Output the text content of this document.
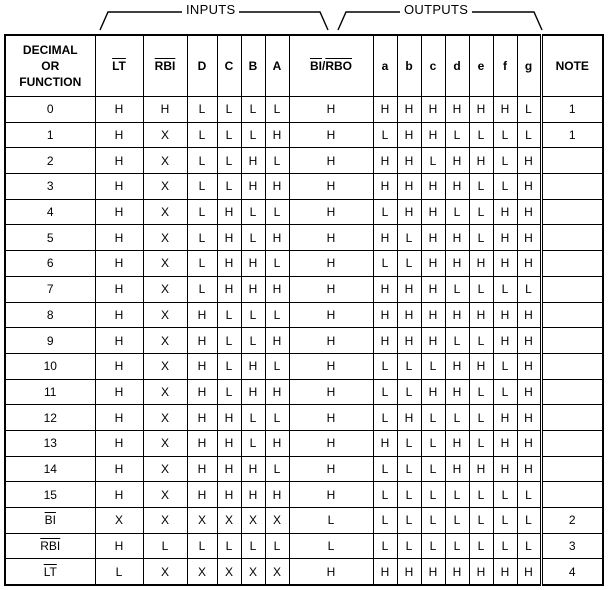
INPUTS	OUTPUTS
DECIMAL
OR
FUNCTION	$\overline{LT}$	$\overline{RBI}$	D	C	B	A	$\overline{BI}/\overline{RBO}$	a	b	c	d	e	f	g	NOTE
0	H	H	L	L	L	L	H	H	H	H	H	H	H	L	1
1	H	X	L	L	L	H	H	L	H	H	L	L	L	L	1
2	H	X	L	L	H	L	H	H	H	L	H	H	L	H	
3	H	X	L	L	H	H	H	H	H	H	H	L	L	H	
4	H	X	L	H	L	L	H	L	H	H	L	L	H	H	
5	H	X	L	H	L	H	H	H	L	H	H	L	H	H	
6	H	X	L	H	H	L	H	L	L	H	H	H	H	H	
7	H	X	L	H	H	H	H	H	H	H	L	L	L	L	
8	H	X	H	L	L	L	H	H	H	H	H	H	H	H	
9	H	X	H	L	L	H	H	H	H	H	L	L	H	H	
10	H	X	H	L	H	L	H	L	L	L	H	H	L	H	
11	H	X	H	L	H	H	H	L	L	H	H	L	L	H	
12	H	X	H	H	L	L	H	L	H	L	L	L	H	H	
13	H	X	H	H	L	H	H	H	L	L	H	L	H	H	
14	H	X	H	H	H	L	H	L	L	L	H	H	H	H	
15	H	X	H	H	H	H	H	L	L	L	L	L	L	L	
$\overline{BI}$	X	X	X	X	X	X	L	L	L	L	L	L	L	L	2
$\overline{RBI}$	H	L	L	L	L	L	L	L	L	L	L	L	L	L	3
$\overline{LT}$	L	X	X	X	X	X	H	H	H	H	H	H	H	H	4
